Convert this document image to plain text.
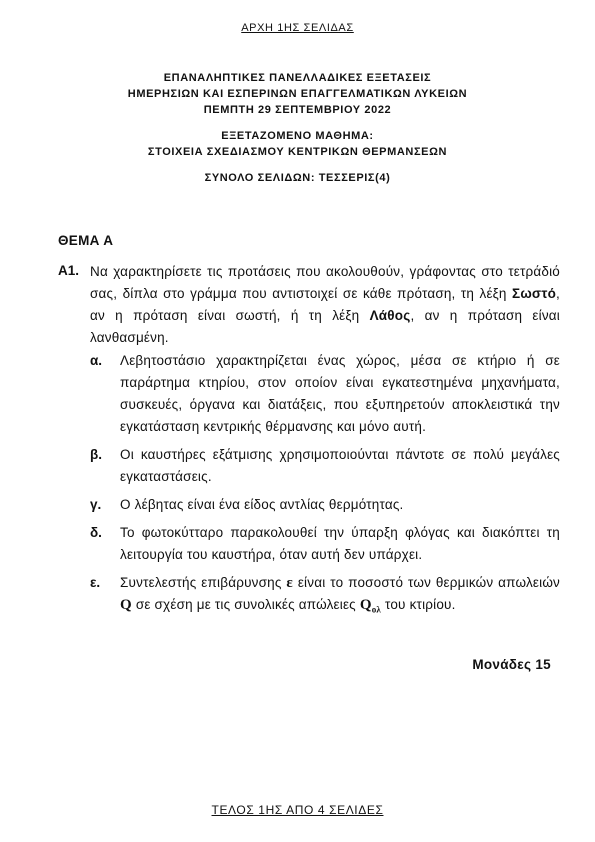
ΑΡΧΗ 1ΗΣ ΣΕΛΙΔΑΣ
ΕΠΑΝΑΛΗΠΤΙΚΕΣ ΠΑΝΕΛΛΑΔΙΚΕΣ ΕΞΕΤΑΣΕΙΣ
ΗΜΕΡΗΣΙΩΝ ΚΑΙ ΕΣΠΕΡΙΝΩΝ ΕΠΑΓΓΕΛΜΑΤΙΚΩΝ ΛΥΚΕΙΩΝ
ΠΕΜΠΤΗ 29 ΣΕΠΤΕΜΒΡΙΟΥ 2022
ΕΞΕΤΑΖΟΜΕΝΟ ΜΑΘΗΜΑ:
ΣΤΟΙΧΕΙΑ ΣΧΕΔΙΑΣΜΟΥ ΚΕΝΤΡΙΚΩΝ ΘΕΡΜΑΝΣΕΩΝ
ΣΥΝΟΛΟ ΣΕΛΙΔΩΝ: ΤΕΣΣΕΡΙΣ(4)
ΘΕΜΑ Α
Α1. Να χαρακτηρίσετε τις προτάσεις που ακολουθούν, γράφοντας στο τετράδιό σας, δίπλα στο γράμμα που αντιστοιχεί σε κάθε πρόταση, τη λέξη Σωστό, αν η πρόταση είναι σωστή, ή τη λέξη Λάθος, αν η πρόταση είναι λανθασμένη.
α.	Λεβητοστάσιο χαρακτηρίζεται ένας χώρος, μέσα σε κτήριο ή σε παράρτημα κτηρίου, στον οποίον είναι εγκατεστημένα μηχανήματα, συσκευές, όργανα και διατάξεις, που εξυπηρετούν αποκλειστικά την εγκατάσταση κεντρικής θέρμανσης και μόνο αυτή.
β.	Οι καυστήρες εξάτμισης χρησιμοποιούνται πάντοτε σε πολύ μεγάλες εγκαταστάσεις.
γ.	Ο λέβητας είναι ένα είδος αντλίας θερμότητας.
δ.	Το φωτοκύτταρο παρακολουθεί την ύπαρξη φλόγας και διακόπτει τη λειτουργία του καυστήρα, όταν αυτή δεν υπάρχει.
ε.	Συντελεστής επιβάρυνσης ε είναι το ποσοστό των θερμικών απωλειών Q σε σχέση με τις συνολικές απώλειες $Q_{o\lambda}$ του κτιρίου.
Μονάδες 15
ΤΕΛΟΣ 1ΗΣ ΑΠΟ 4 ΣΕΛΙΔΕΣ
